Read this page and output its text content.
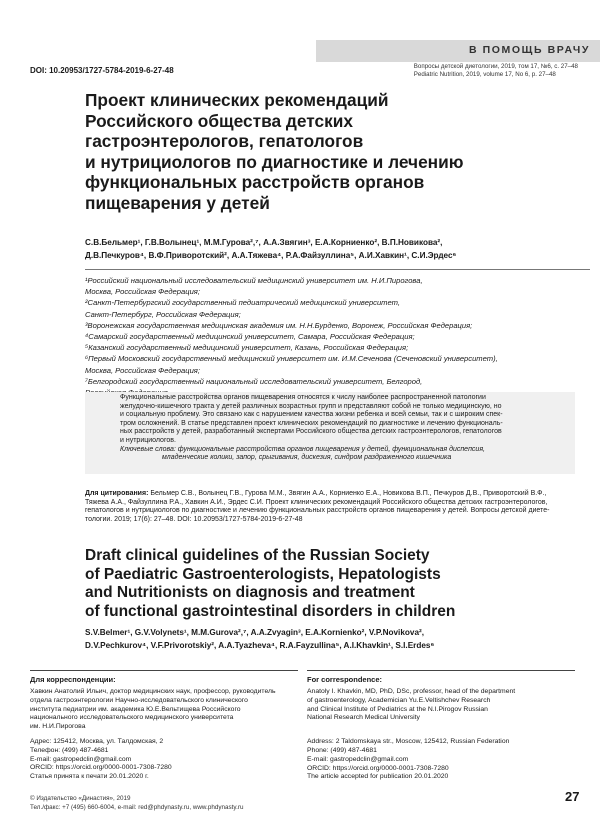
В ПОМОЩЬ ВРАЧУ
DOI: 10.20953/1727-5784-2019-6-27-48	Вопросы детской диетологии, 2019, том 17, №6, с. 27–48
Pediatric Nutrition, 2019, volume 17, No 6, p. 27–48
Проект клинических рекомендаций
Российского общества детских
гастроэнтерологов, гепатологов
и нутрициологов по диагностике и лечению
функциональных расстройств органов
пищеварения у детей
С.В.Бельмер¹, Г.В.Волынец¹, М.М.Гурова²,⁷, А.А.Звягин³, Е.А.Корниенко², В.П.Новикова²,
Д.В.Печкуров⁴, В.Ф.Приворотский², А.А.Тяжева⁴, Р.А.Файзуллина⁵, А.И.Хавкин¹, С.И.Эрдес⁶
¹Российский национальный исследовательский медицинский университет им. Н.И.Пирогова,
Москва, Российская Федерация;
²Санкт-Петербургский государственный педиатрический медицинский университет,
Санкт-Петербург, Российская Федерация;
³Воронежская государственная медицинская академия им. Н.Н.Бурденко, Воронеж, Российская Федерация;
⁴Самарский государственный медицинский университет, Самара, Российская Федерация;
⁵Казанский государственный медицинский университет, Казань, Российская Федерация;
⁶Первый Московский государственный медицинский университет им. И.М.Сеченова (Сеченовский университет),
Москва, Российская Федерация;
⁷Белгородский государственный национальный исследовательский университет, Белгород,
Функциональные расстройства органов пищеварения относятся к числу наиболее распространенной патологии
желудочно-кишечного тракта у детей различных возрастных групп и представляют собой не только медицинскую, но
и социальную проблему. Это связано как с нарушением качества жизни ребенка и всей семьи, так и с широким спек-
тром осложнений. В статье представлен проект клинических рекомендаций по диагностике и лечению функциональ-
ных расстройств у детей, разработанный экспертами Российского общества детских гастроэнтерологов, гепатологов
и нутрициологов.
Ключевые слова: функциональные расстройства органов пищеварения у детей, функциональная диспепсия,
младенческие колики, запор, срыгивания, дискезия, синдром раздраженного кишечника
Для цитирования: Бельмер С.В., Волынец Г.В., Гурова М.М., Звягин А.А., Корниенко Е.А., Новикова В.П., Печкуров Д.В., Приворотский В.Ф.,
Тяжева А.А., Файзуллина Р.А., Хавкин А.И., Эрдес С.И. Проект клинических рекомендаций Российского общества детских гастроэнтерологов,
гепатологов и нутрициологов по диагностике и лечению функциональных расстройств органов пищеварения у детей. Вопросы детской диете-
тологии. 2019; 17(6): 27–48. DOI: 10.20953/1727-5784-2019-6-27-48
Draft clinical guidelines of the Russian Society
of Paediatric Gastroenterologists, Hepatologists
and Nutritionists on diagnosis and treatment
of functional gastrointestinal disorders in children
S.V.Belmer¹, G.V.Volynets¹, M.M.Gurova²,⁷, A.A.Zvyagin³, E.A.Kornienko², V.P.Novikova²,
D.V.Pechkurov⁴, V.F.Privorotskiy², A.A.Tyazheva⁴, R.A.Fayzullina⁵, A.I.Khavkin¹, S.I.Erdes⁶
Для корреспонденции:
Хавкин Анатолий Ильич, доктор медицинских наук, профессор, руководитель
отдела гастроэнтерологии Научно-исследовательского клинического
института педиатрии им. академика Ю.Е.Вельтищева Российского
национального исследовательского медицинского университета
им. Н.И.Пирогова
Адрес: 125412, Москва, ул. Талдомская, 2
Телефон: (499) 487-4681
E-mail: gastropedclin@gmail.com
ORCID: https://orcid.org/0000-0001-7308-7280
Статья принята к печати 20.01.2020 г.
For correspondence:
Anatoly I. Khavkin, MD, PhD, DSc, professor, head of the department
of gastroenterology, Academician Yu.E.Veltishchev Research
and Clinical Institute of Pediatrics at the N.I.Pirogov Russian
National Research Medical University
Address: 2 Taldomskaya str., Moscow, 125412, Russian Federation
Phone: (499) 487-4681
E-mail: gastropedclin@gmail.com
ORCID: https://orcid.org/0000-0001-7308-7280
The article accepted for publication 20.01.2020
© Издательство «Династия», 2019
Тел./факс: +7 (495) 660-6004, e-mail: red@phdynasty.ru, www.phdynasty.ru
27
